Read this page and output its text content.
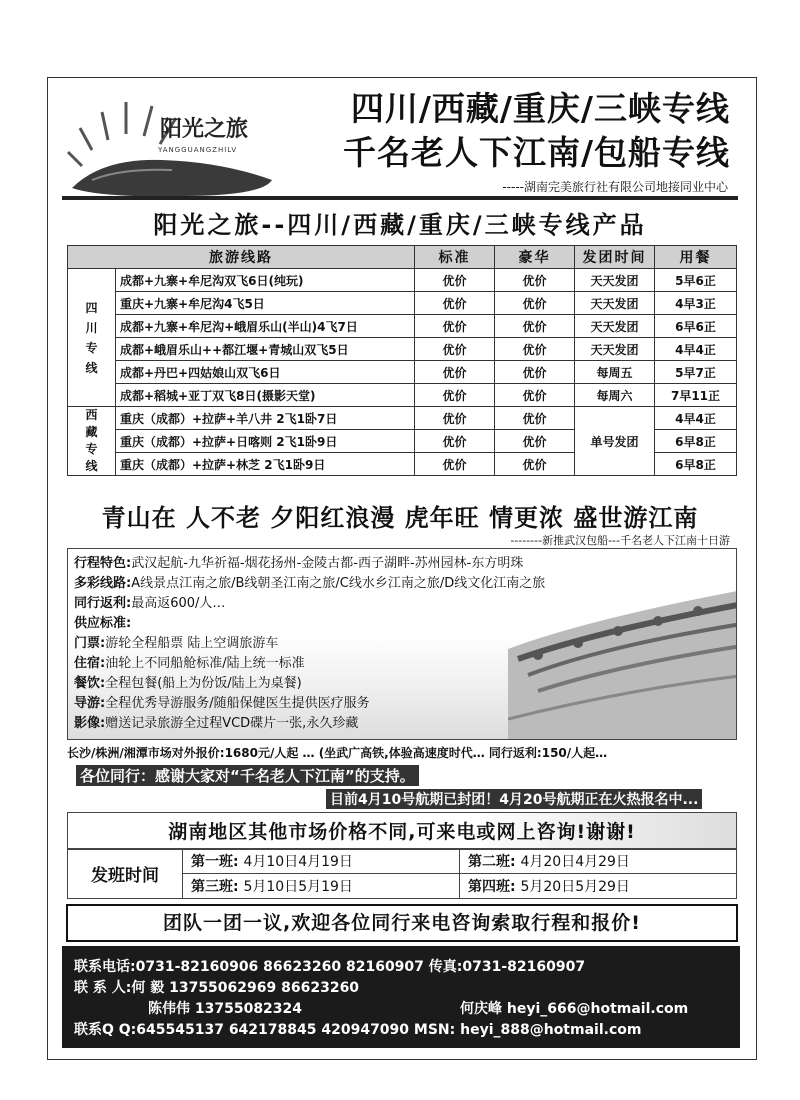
阳光之旅
YANGGUANGZHILV
四川/西藏/重庆/三峡专线
千名老人下江南/包船专线
-----湖南完美旅行社有限公司地接同业中心
阳光之旅--四川/西藏/重庆/三峡专线产品
旅游线路		标准	豪华	发团时间	用餐
四
川
专
线	成都+九寨+牟尼沟双飞6日(纯玩)	优价	优价	天天发团	5早6正
	重庆+九寨+牟尼沟4飞5日	优价	优价	天天发团	4早3正
	成都+九寨+牟尼沟+峨眉乐山(半山)4飞7日	优价	优价	天天发团	6早6正
	成都+峨眉乐山++都江堰+青城山双飞5日	优价	优价	天天发团	4早4正
	成都+丹巴+四姑娘山双飞6日	优价	优价	每周五	5早7正
	成都+稻城+亚丁双飞8日(摄影天堂)	优价	优价	每周六	7早11正
西
藏
专
线	重庆（成都）+拉萨+羊八井 2飞1卧7日	优价	优价	单号发团	4早4正
	重庆（成都）+拉萨+日喀则 2飞1卧9日	优价	优价		6早8正
	重庆（成都）+拉萨+林芝 2飞1卧9日	优价	优价		6早8正
青山在 人不老 夕阳红浪漫 虎年旺 情更浓 盛世游江南
--------新推武汉包船---千名老人下江南十日游
行程特色:武汉起航-九华祈福-烟花扬州-金陵古都-西子湖畔-苏州园林-东方明珠
多彩线路:A线景点江南之旅/B线朝圣江南之旅/C线水乡江南之旅/D线文化江南之旅
同行返利:最高返600/人…
供应标准:
门票:游轮全程船票 陆上空调旅游车
住宿:油轮上不同船舱标准/陆上统一标准
餐饮:全程包餐(船上为份饭/陆上为桌餐)
导游:全程优秀导游服务/随船保健医生提供医疗服务
影像:赠送记录旅游全过程VCD碟片一张,永久珍藏
长沙/株洲/湘潭市场对外报价:1680元/人起 … (坐武广高铁,体验高速度时代… 同行返利:150/人起…
各位同行：感谢大家对“千名老人下江南”的支持。
目前4月10号航期已封团！4月20号航期正在火热报名中...
湖南地区其他市场价格不同,可来电或网上咨询!谢谢!
发班时间	第一班: 4月10日4月19日	第二班: 4月20日4月29日
	第三班: 5月10日5月19日	第四班: 5月20日5月29日
团队一团一议,欢迎各位同行来电咨询索取行程和报价!
联系电话:0731-82160906 86623260 82160907 传真:0731-82160907
联 系 人:何 毅 13755062969 86623260
陈伟伟 13755082324	何庆峰 heyi_666@hotmail.com
联系Q Q:645545137 642178845 420947090 MSN: heyi_888@hotmail.com
